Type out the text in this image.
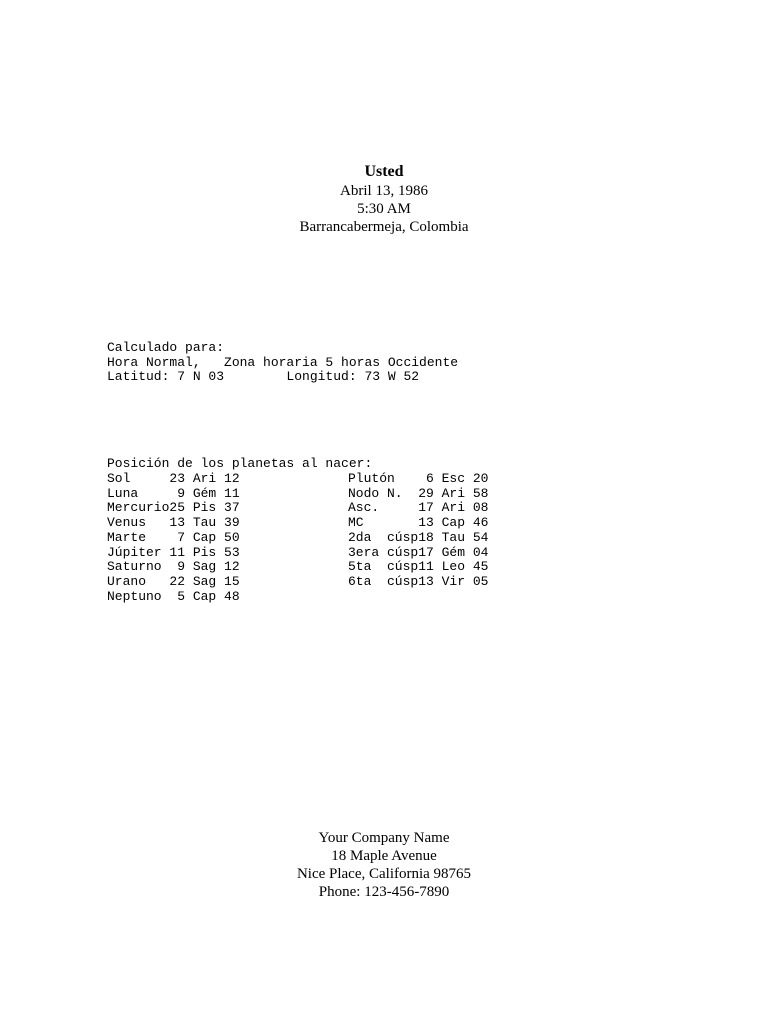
Usted
Abril 13, 1986
5:30 AM
Barrancabermeja, Colombia
Calculado para:
Hora Normal,   Zona horaria 5 horas Occidente
Latitud: 7 N 03        Longitud: 73 W 52
Posición de los planetas al nacer:
Sol     23 Ari 12
Luna     9 Gém 11
Mercurio25 Pis 37
Venus   13 Tau 39
Marte    7 Cap 50
Júpiter 11 Pis 53
Saturno  9 Sag 12
Urano   22 Sag 15
Neptuno  5 Cap 48
Plutón    6 Esc 20
Nodo N.  29 Ari 58
Asc.     17 Ari 08
MC       13 Cap 46
2da  cúsp18 Tau 54
3era cúsp17 Gém 04
5ta  cúsp11 Leo 45
6ta  cúsp13 Vir 05
Your Company Name
18 Maple Avenue
Nice Place, California 98765
Phone: 123-456-7890
